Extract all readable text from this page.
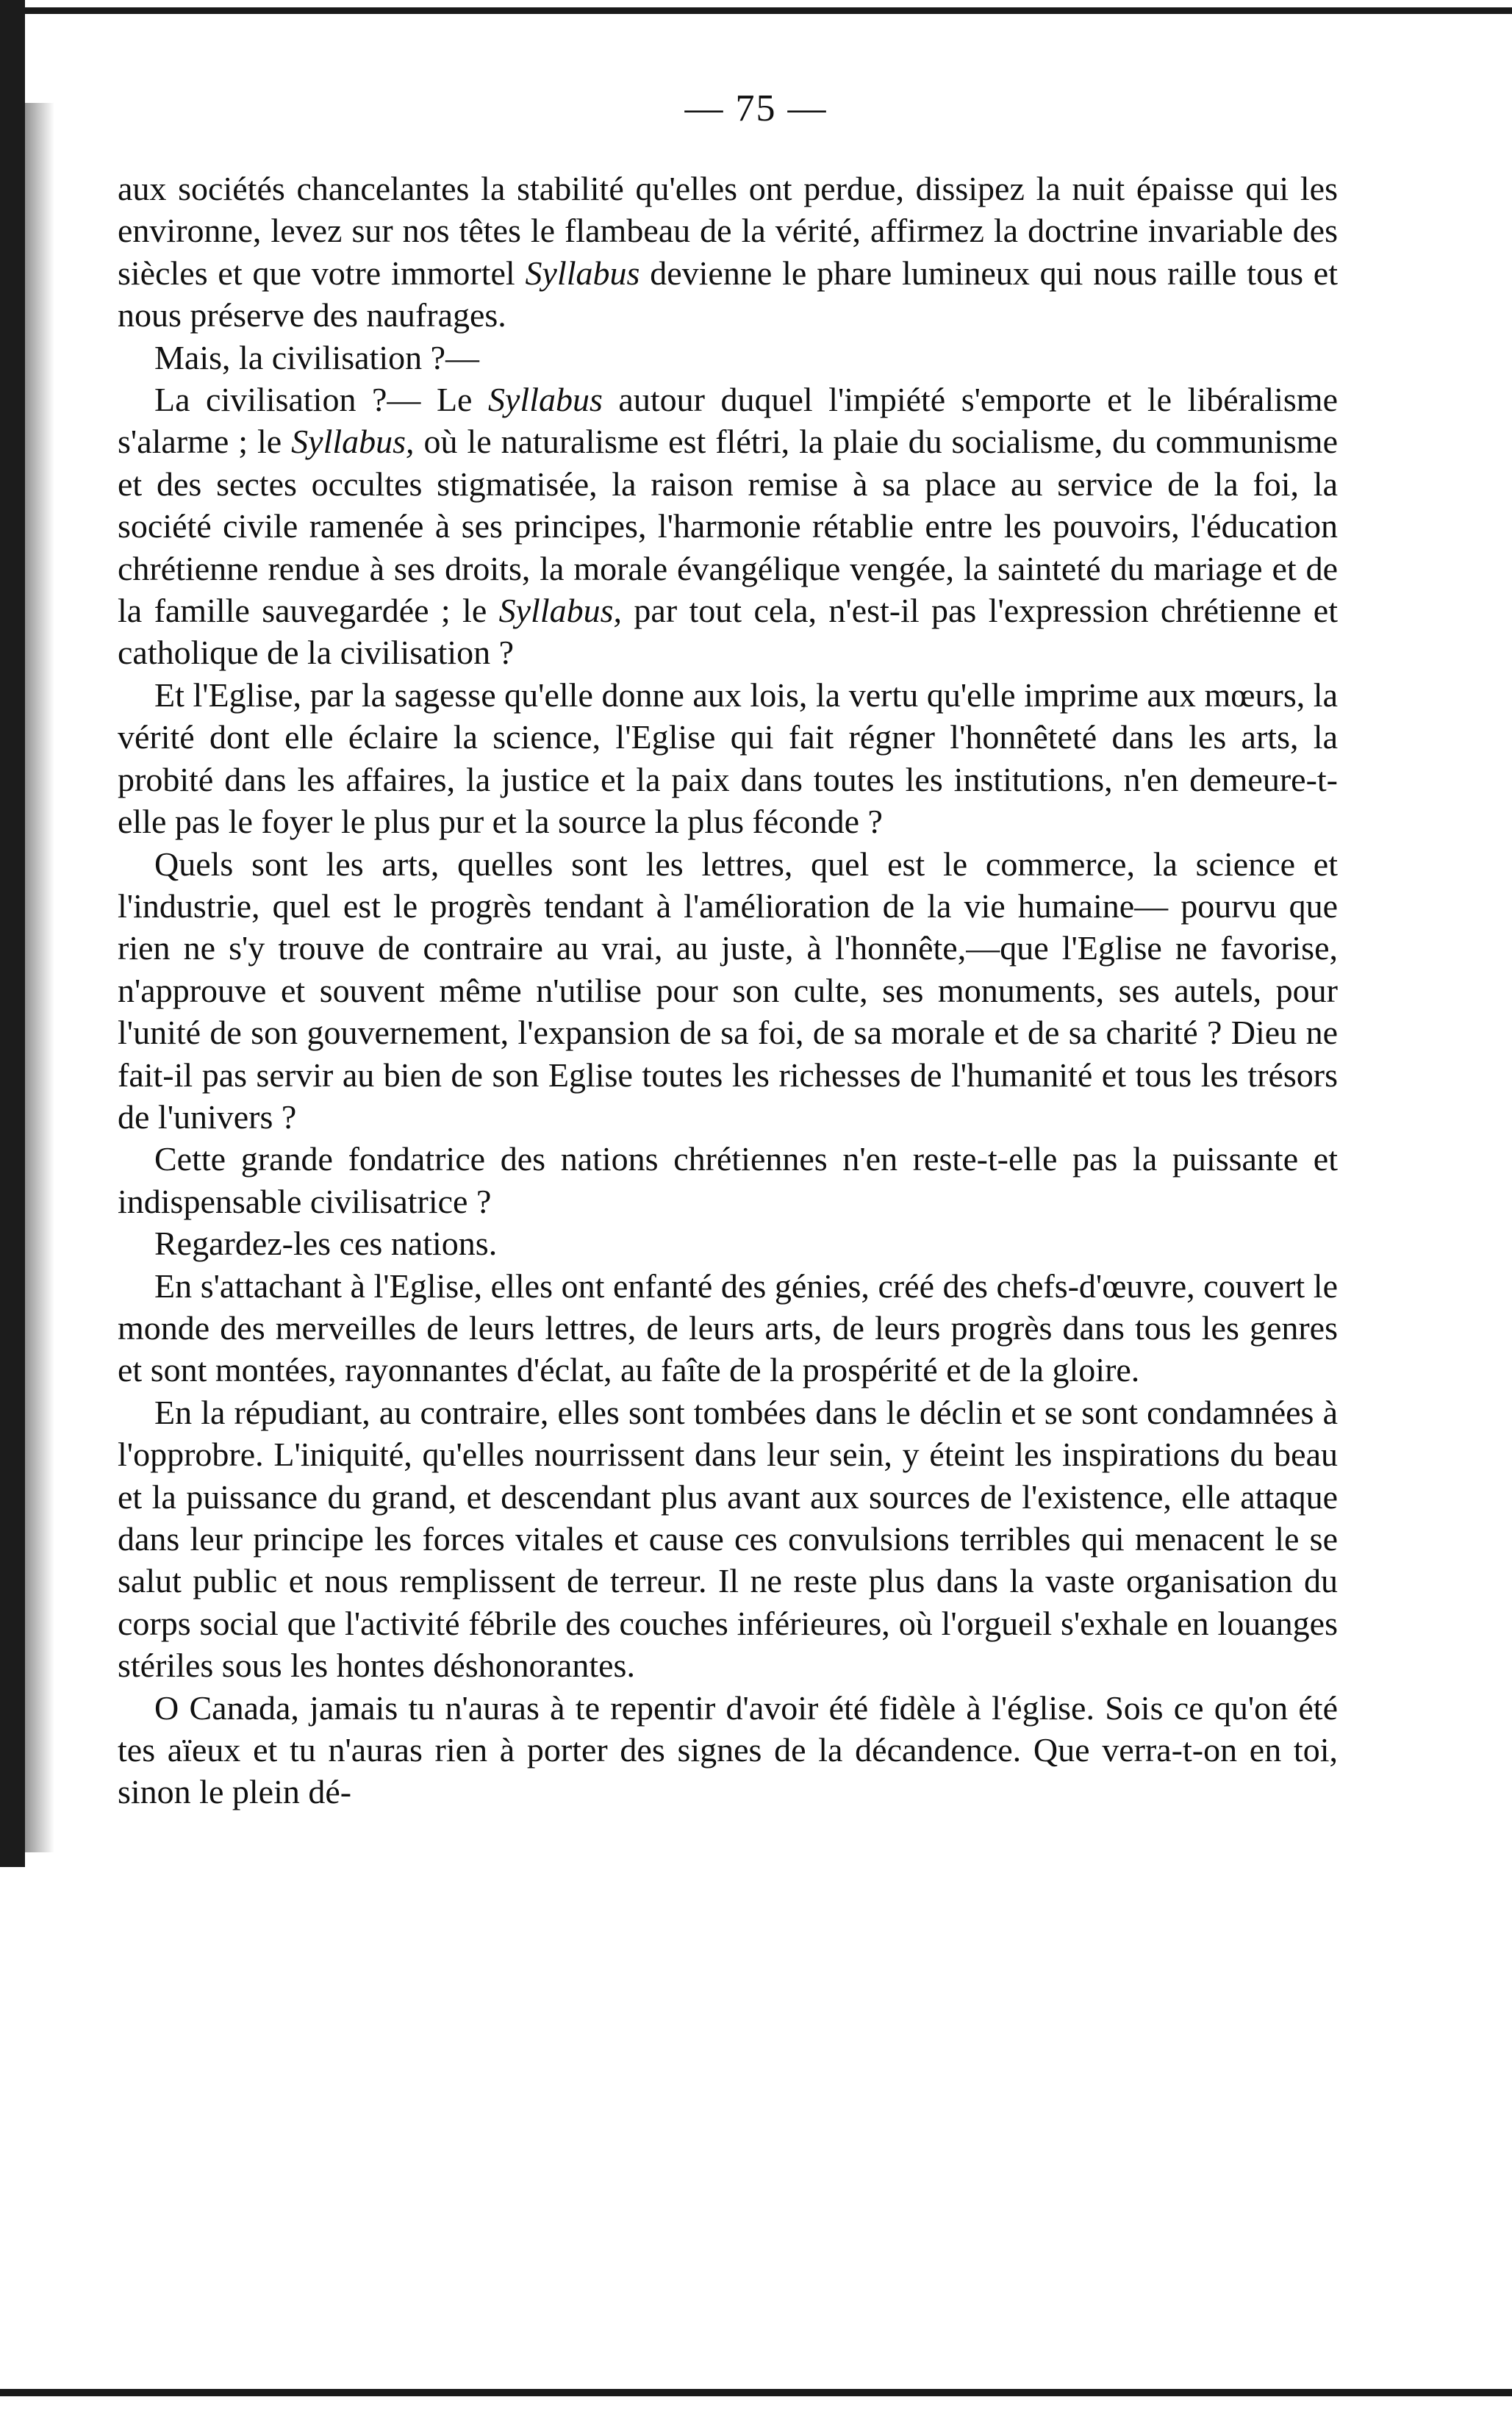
— 75 —

aux sociétés chancelantes la stabilité qu'elles ont perdue, dissipez la nuit épaisse qui les environne, levez sur nos têtes le flambeau de la vérité, affirmez la doctrine invariable des siècles et que votre immortel Syllabus devienne le phare lumineux qui nous raille tous et nous préserve des naufrages.

Mais, la civilisation ?—

La civilisation ?— Le Syllabus autour duquel l'impiété s'emporte et le libéralisme s'alarme ; le Syllabus, où le naturalisme est flétri, la plaie du socialisme, du communisme et des sectes occultes stigmatisée, la raison remise à sa place au service de la foi, la société civile ramenée à ses principes, l'harmonie rétablie entre les pouvoirs, l'éducation chrétienne rendue à ses droits, la morale évangélique vengée, la sainteté du mariage et de la famille sauvegardée ; le Syllabus, par tout cela, n'est-il pas l'expression chrétienne et catholique de la civilisation ?

Et l'Eglise, par la sagesse qu'elle donne aux lois, la vertu qu'elle imprime aux mœurs, la vérité dont elle éclaire la science, l'Eglise qui fait régner l'honnêteté dans les arts, la probité dans les affaires, la justice et la paix dans toutes les institutions, n'en demeure-t-elle pas le foyer le plus pur et la source la plus féconde ?

Quels sont les arts, quelles sont les lettres, quel est le commerce, la science et l'industrie, quel est le progrès tendant à l'amélioration de la vie humaine— pourvu que rien ne s'y trouve de contraire au vrai, au juste, à l'honnête,—que l'Eglise ne favorise, n'approuve et souvent même n'utilise pour son culte, ses monuments, ses autels, pour l'unité de son gouvernement, l'expansion de sa foi, de sa morale et de sa charité ? Dieu ne fait-il pas servir au bien de son Eglise toutes les richesses de l'humanité et tous les trésors de l'univers ?

Cette grande fondatrice des nations chrétiennes n'en reste-t-elle pas la puissante et indispensable civilisatrice ?

Regardez-les ces nations.

En s'attachant à l'Eglise, elles ont enfanté des génies, créé des chefs-d'œuvre, couvert le monde des merveilles de leurs lettres, de leurs arts, de leurs progrès dans tous les genres et sont montées, rayonnantes d'éclat, au faîte de la prospérité et de la gloire.

En la répudiant, au contraire, elles sont tombées dans le déclin et se sont condamnées à l'opprobre. L'iniquité, qu'elles nourrissent dans leur sein, y éteint les inspirations du beau et la puissance du grand, et descendant plus avant aux sources de l'existence, elle attaque dans leur principe les forces vitales et cause ces convulsions terribles qui menacent le se salut public et nous remplissent de terreur. Il ne reste plus dans la vaste organisation du corps social que l'activité fébrile des couches inférieures, où l'orgueil s'exhale en louanges stériles sous les hontes déshonorantes.

O Canada, jamais tu n'auras à te repentir d'avoir été fidèle à l'église. Sois ce qu'on été tes aïeux et tu n'auras rien à porter des signes de la décandence. Que verra-t-on en toi, sinon le plein dé-
